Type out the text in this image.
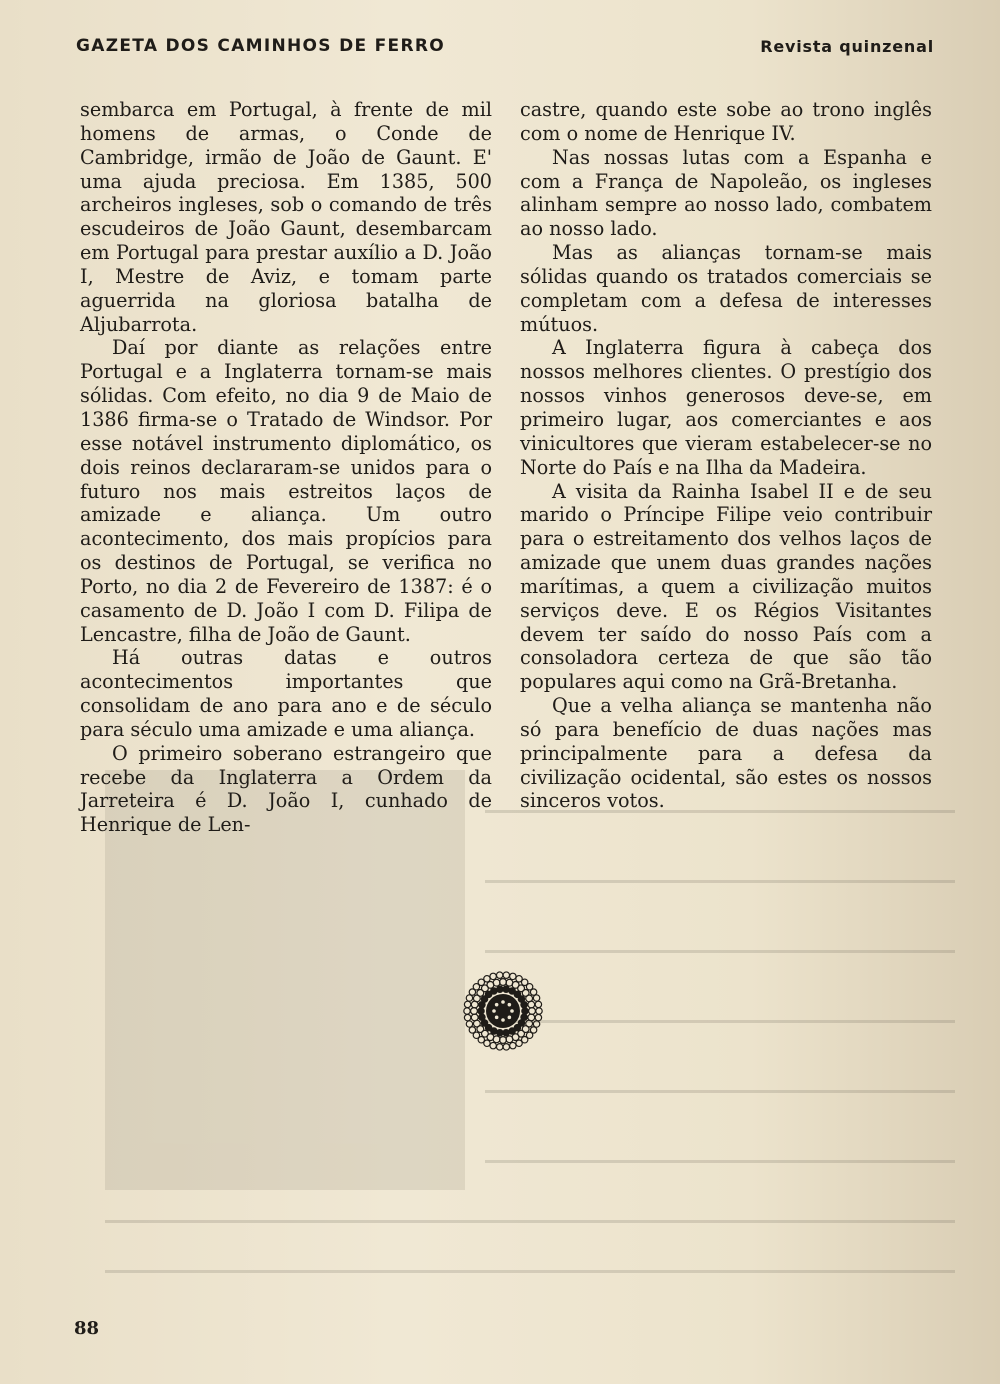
GAZETA DOS CAMINHOS DE FERRO	Revista quinzenal

sembarca em Portugal, à frente de mil homens de armas, o Conde de Cambridge, irmão de João de Gaunt. E' uma ajuda preciosa. Em 1385, 500 archeiros ingleses, sob o comando de três escudeiros de João Gaunt, desembarcam em Portugal para prestar auxílio a D. João I, Mestre de Aviz, e tomam parte aguerrida na gloriosa batalha de Aljubarrota.

Daí por diante as relações entre Portugal e a Inglaterra tornam-se mais sólidas. Com efeito, no dia 9 de Maio de 1386 firma-se o Tratado de Windsor. Por esse notável instrumento diplomático, os dois reinos declararam-se unidos para o futuro nos mais estreitos laços de amizade e aliança. Um outro acontecimento, dos mais propícios para os destinos de Portugal, se verifica no Porto, no dia 2 de Fevereiro de 1387: é o casamento de D. João I com D. Filipa de Lencastre, filha de João de Gaunt.

Há outras datas e outros acontecimentos importantes que consolidam de ano para ano e de século para século uma amizade e uma aliança.

O primeiro soberano estrangeiro que recebe da Inglaterra a Ordem da Jarreteira é D. João I, cunhado de Henrique de Len-

castre, quando este sobe ao trono inglês com o nome de Henrique IV.

Nas nossas lutas com a Espanha e com a França de Napoleão, os ingleses alinham sempre ao nosso lado, combatem ao nosso lado.

Mas as alianças tornam-se mais sólidas quando os tratados comerciais se completam com a defesa de interesses mútuos.

A Inglaterra figura à cabeça dos nossos melhores clientes. O prestígio dos nossos vinhos generosos deve-se, em primeiro lugar, aos comerciantes e aos vinicultores que vieram estabelecer-se no Norte do País e na Ilha da Madeira.

A visita da Rainha Isabel II e de seu marido o Príncipe Filipe veio contribuir para o estreitamento dos velhos laços de amizade que unem duas grandes nações marítimas, a quem a civilização muitos serviços deve. E os Régios Visitantes devem ter saído do nosso País com a consoladora certeza de que são tão populares aqui como na Grã-Bretanha.

Que a velha aliança se mantenha não só para benefício de duas nações mas principalmente para a defesa da civilização ocidental, são estes os nossos sinceros votos.

88
